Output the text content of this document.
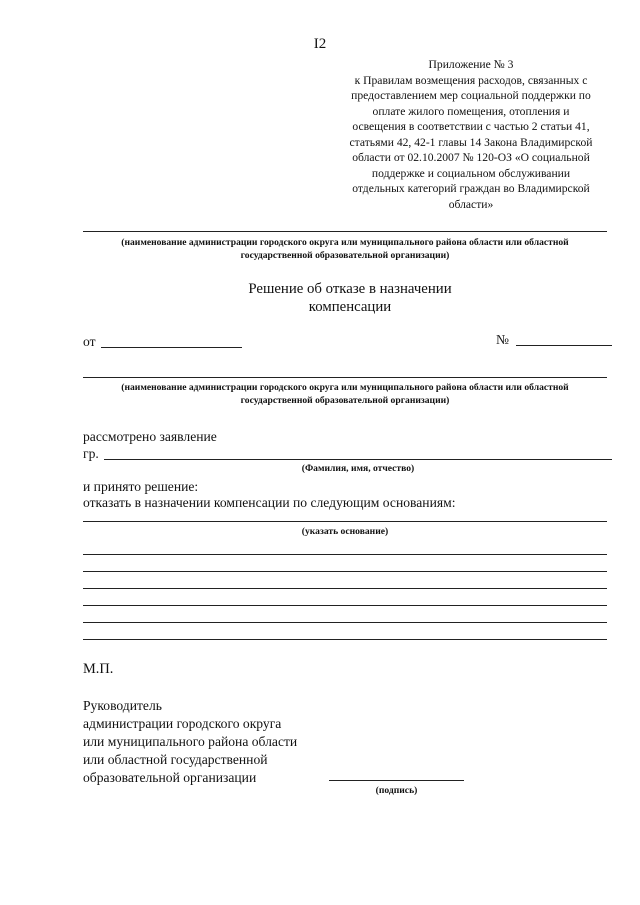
I2
Приложение № 3
к Правилам возмещения расходов, связанных с
предоставлением мер социальной поддержки по
оплате жилого помещения, отопления и
освещения в соответствии с частью 2 статьи 41,
статьями 42, 42-1 главы 14 Закона Владимирской
области от 02.10.2007 № 120-ОЗ «О социальной
поддержке и социальном обслуживании
отдельных категорий граждан во Владимирской
области»
(наименование администрации городского округа или муниципального района области или областной
государственной образовательной организации)
Решение об отказе в назначении
компенсации
от	№
(наименование администрации городского округа или муниципального района области или областной
государственной образовательной организации)
рассмотрено заявление
гр.
(Фамилия, имя, отчество)
и принято решение:
отказать в назначении компенсации по следующим основаниям:
(указать основание)
М.П.
Руководитель
администрации городского округа
или муниципального района области
или областной государственной
образовательной организации
(подпись)
